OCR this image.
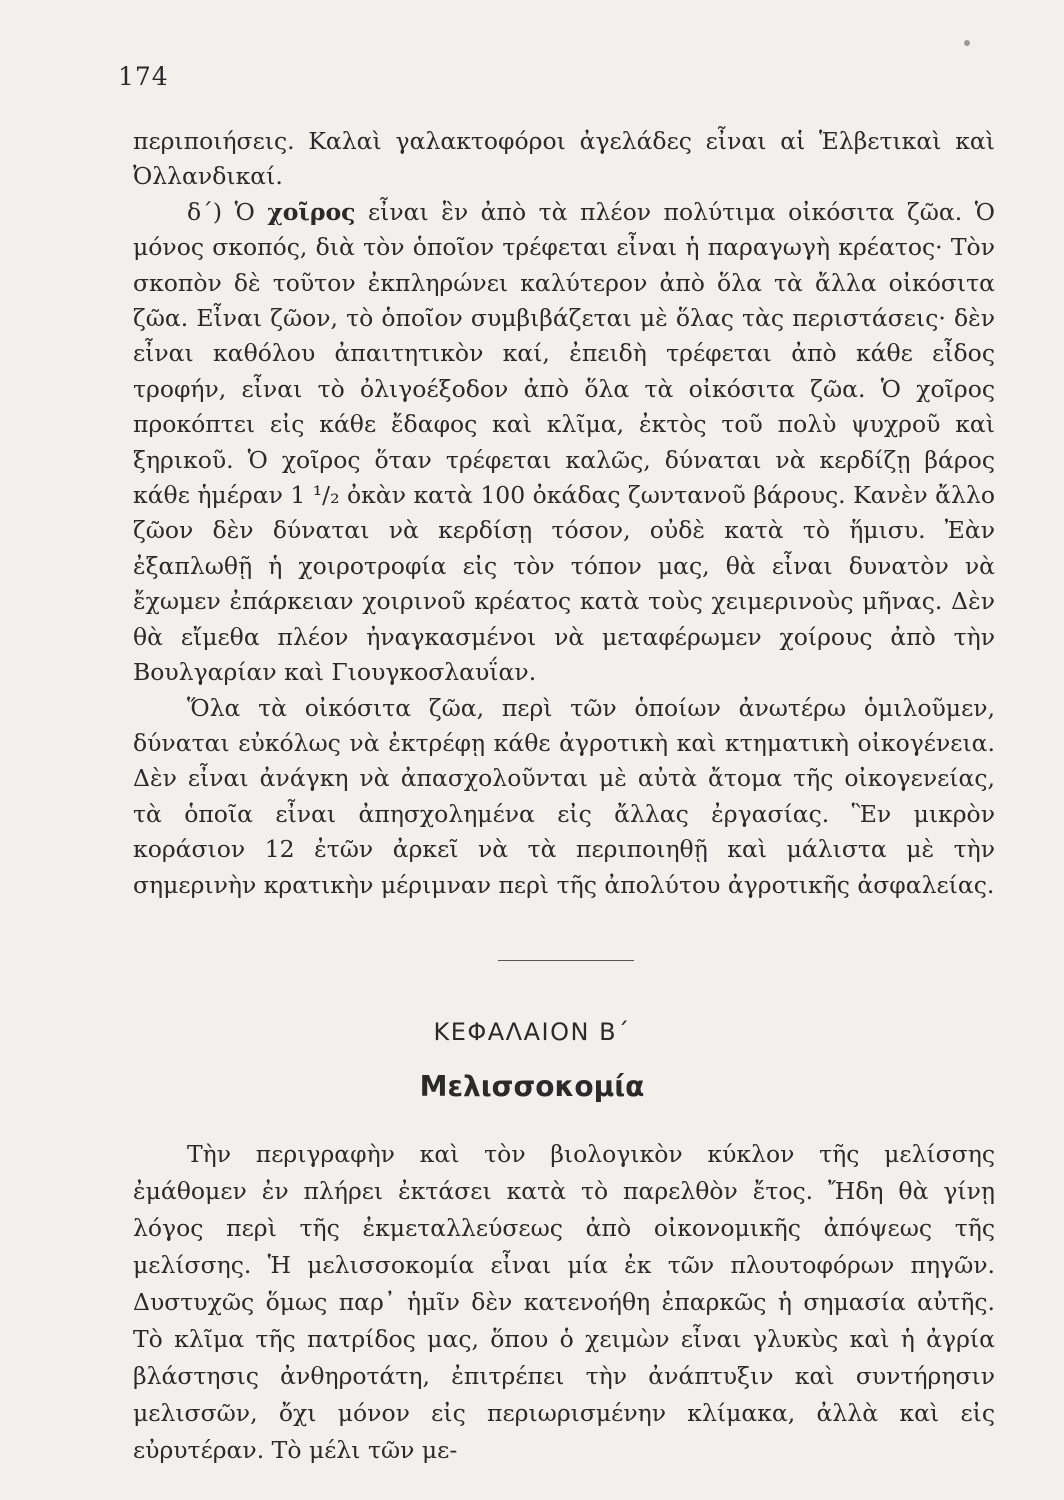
174

περιποιήσεις. Καλαὶ γαλακτοφόροι ἀγελάδες εἶναι αἱ Ἑλβετικαὶ καὶ Ὀλλανδικαί.

δ΄) Ὁ χοῖρος εἶναι ἓν ἀπὸ τὰ πλέον πολύτιμα οἰκόσιτα ζῶα. Ὁ μόνος σκοπός, διὰ τὸν ὁποῖον τρέφεται εἶναι ἡ παραγωγὴ κρέατος· Τὸν σκοπὸν δὲ τοῦτον ἐκπληρώνει καλύτερον ἀπὸ ὅλα τὰ ἄλλα οἰκόσιτα ζῶα. Εἶναι ζῶον, τὸ ὁποῖον συμβιβάζεται μὲ ὅλας τὰς περιστάσεις· δὲν εἶναι καθόλου ἀπαιτητικὸν καί, ἐπειδὴ τρέφεται ἀπὸ κάθε εἶδος τροφήν, εἶναι τὸ ὀλιγοέξοδον ἀπὸ ὅλα τὰ οἰκόσιτα ζῶα. Ὁ χοῖρος προκόπτει εἰς κάθε ἔδαφος καὶ κλῖμα, ἐκτὸς τοῦ πολὺ ψυχροῦ καὶ ξηρικοῦ. Ὁ χοῖρος ὅταν τρέφεται καλῶς, δύναται νὰ κερδίζῃ βάρος κάθε ἡμέραν 1 ¹/₂ ὀκὰν κατὰ 100 ὀκάδας ζωντανοῦ βάρους. Κανὲν ἄλλο ζῶον δὲν δύναται νὰ κερδίσῃ τόσον, οὐδὲ κατὰ τὸ ἥμισυ. Ἐὰν ἐξαπλωθῇ ἡ χοιροτροφία εἰς τὸν τόπον μας, θὰ εἶναι δυνατὸν νὰ ἔχωμεν ἐπάρκειαν χοιρινοῦ κρέατος κατὰ τοὺς χειμερινοὺς μῆνας. Δὲν θὰ εἴμεθα πλέον ἠναγκασμένοι νὰ μεταφέρωμεν χοίρους ἀπὸ τὴν Βουλγαρίαν καὶ Γιουγκοσλαυΐαν.

Ὅλα τὰ οἰκόσιτα ζῶα, περὶ τῶν ὁποίων ἀνωτέρω ὁμιλοῦμεν, δύναται εὐκόλως νὰ ἐκτρέφῃ κάθε ἀγροτικὴ καὶ κτηματικὴ οἰκογένεια. Δὲν εἶναι ἀνάγκη νὰ ἀπασχολοῦνται μὲ αὐτὰ ἄτομα τῆς οἰκογενείας, τὰ ὁποῖα εἶναι ἀπησχολημένα εἰς ἄλλας ἐργασίας. Ἓν μικρὸν κοράσιον 12 ἐτῶν ἀρκεῖ νὰ τὰ περιποιηθῇ καὶ μάλιστα μὲ τὴν σημερινὴν κρατικὴν μέριμναν περὶ τῆς ἀπολύτου ἀγροτικῆς ἀσφαλείας.

ΚΕΦΑΛΑΙΟΝ Β΄
Μελισσοκομία

Τὴν περιγραφὴν καὶ τὸν βιολογικὸν κύκλον τῆς μελίσσης ἐμάθομεν ἐν πλήρει ἐκτάσει κατὰ τὸ παρελθὸν ἔτος. Ἤδη θὰ γίνῃ λόγος περὶ τῆς ἐκμεταλλεύσεως ἀπὸ οἰκονομικῆς ἀπόψεως τῆς μελίσσης. Ἡ μελισσοκομία εἶναι μία ἐκ τῶν πλουτοφόρων πηγῶν. Δυστυχῶς ὅμως παρ᾽ ἡμῖν δὲν κατενοήθη ἐπαρκῶς ἡ σημασία αὐτῆς. Τὸ κλῖμα τῆς πατρίδος μας, ὅπου ὁ χειμὼν εἶναι γλυκὺς καὶ ἡ ἀγρία βλάστησις ἀνθηροτάτη, ἐπιτρέπει τὴν ἀνάπτυξιν καὶ συντήρησιν μελισσῶν, ὄχι μόνον εἰς περιωρισμένην κλίμακα, ἀλλὰ καὶ εἰς εὐρυτέραν. Τὸ μέλι τῶν με-
